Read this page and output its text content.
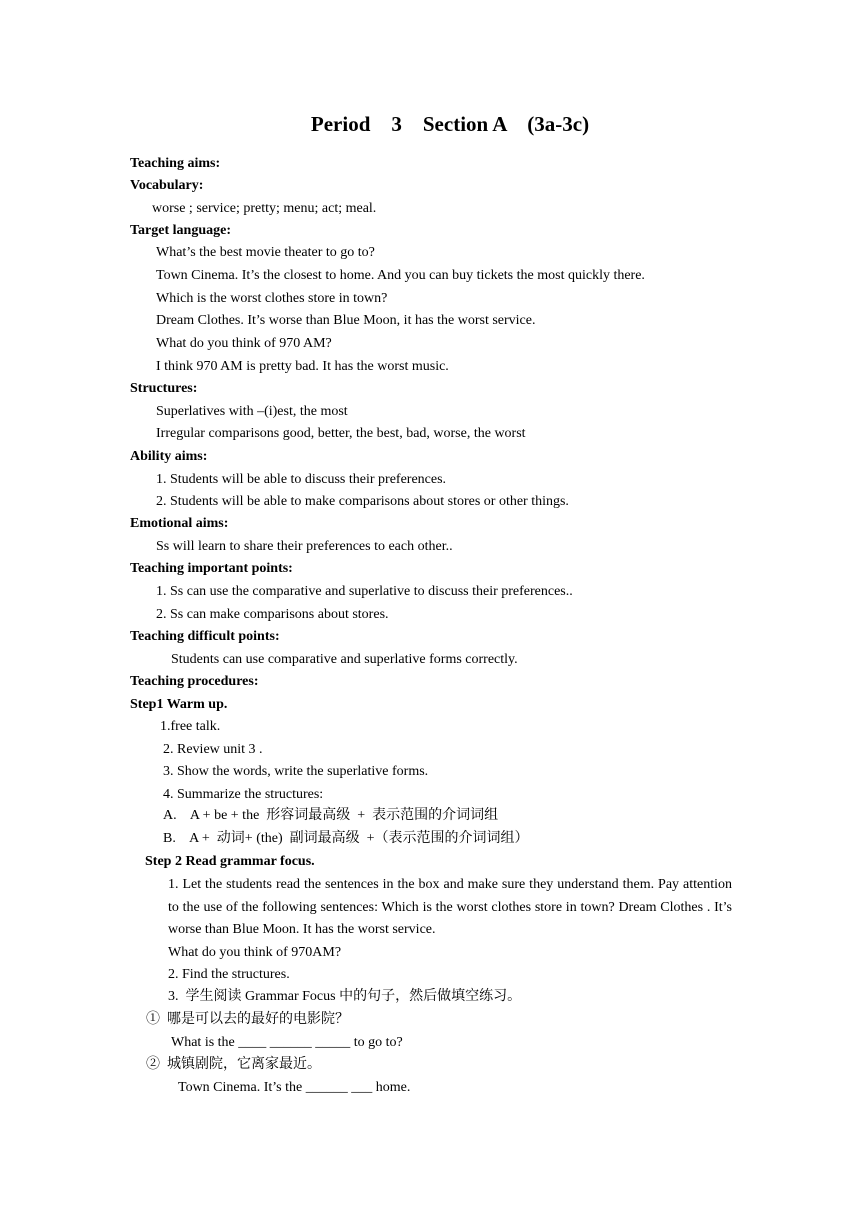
Period    3    Section A    (3a-3c)
Teaching aims:
Vocabulary:
worse ; service; pretty; menu; act; meal.
Target language:
What’s the best movie theater to go to?
Town Cinema. It’s the closest to home. And you can buy tickets the most quickly there.
Which is the worst clothes store in town?
Dream Clothes. It’s worse than Blue Moon, it has the worst service.
What do you think of 970 AM?
I think 970 AM is pretty bad. It has the worst music.
Structures:
Superlatives with –(i)est, the most
Irregular comparisons good, better, the best, bad, worse, the worst
Ability aims:
1. Students will be able to discuss their preferences.
2. Students will be able to make comparisons about stores or other things.
Emotional aims:
Ss will learn to share their preferences to each other..
Teaching important points:
1. Ss can use the comparative and superlative to discuss their preferences..
2. Ss can make comparisons about stores.
Teaching difficult points:
Students can use comparative and superlative forms correctly.
Teaching procedures:
Step1 Warm up.
1.free talk.
2. Review unit 3 .
3. Show the words, write the superlative forms.
4. Summarize the structures:
A.    A + be + the  形容词最高级  +  表示范围的介词词组
B.    A +  动词+ (the)  副词最高级  +（表示范围的介词词组）
Step 2 Read grammar focus.
1. Let the students read the sentences in the box and make sure they understand them. Pay attention to the use of the following sentences: Which is the worst clothes store in town? Dream Clothes . It’s worse than Blue Moon. It has the worst service.
What do you think of 970AM?
2. Find the structures.
3.  学生阅读 Grammar Focus 中的句子，然后做填空练习。
①  哪是可以去的最好的电影院？
What is the ____ ______ _____ to go to?
②  城镇剧院，它离家最近。
Town Cinema. It’s the ______ ___ home.
